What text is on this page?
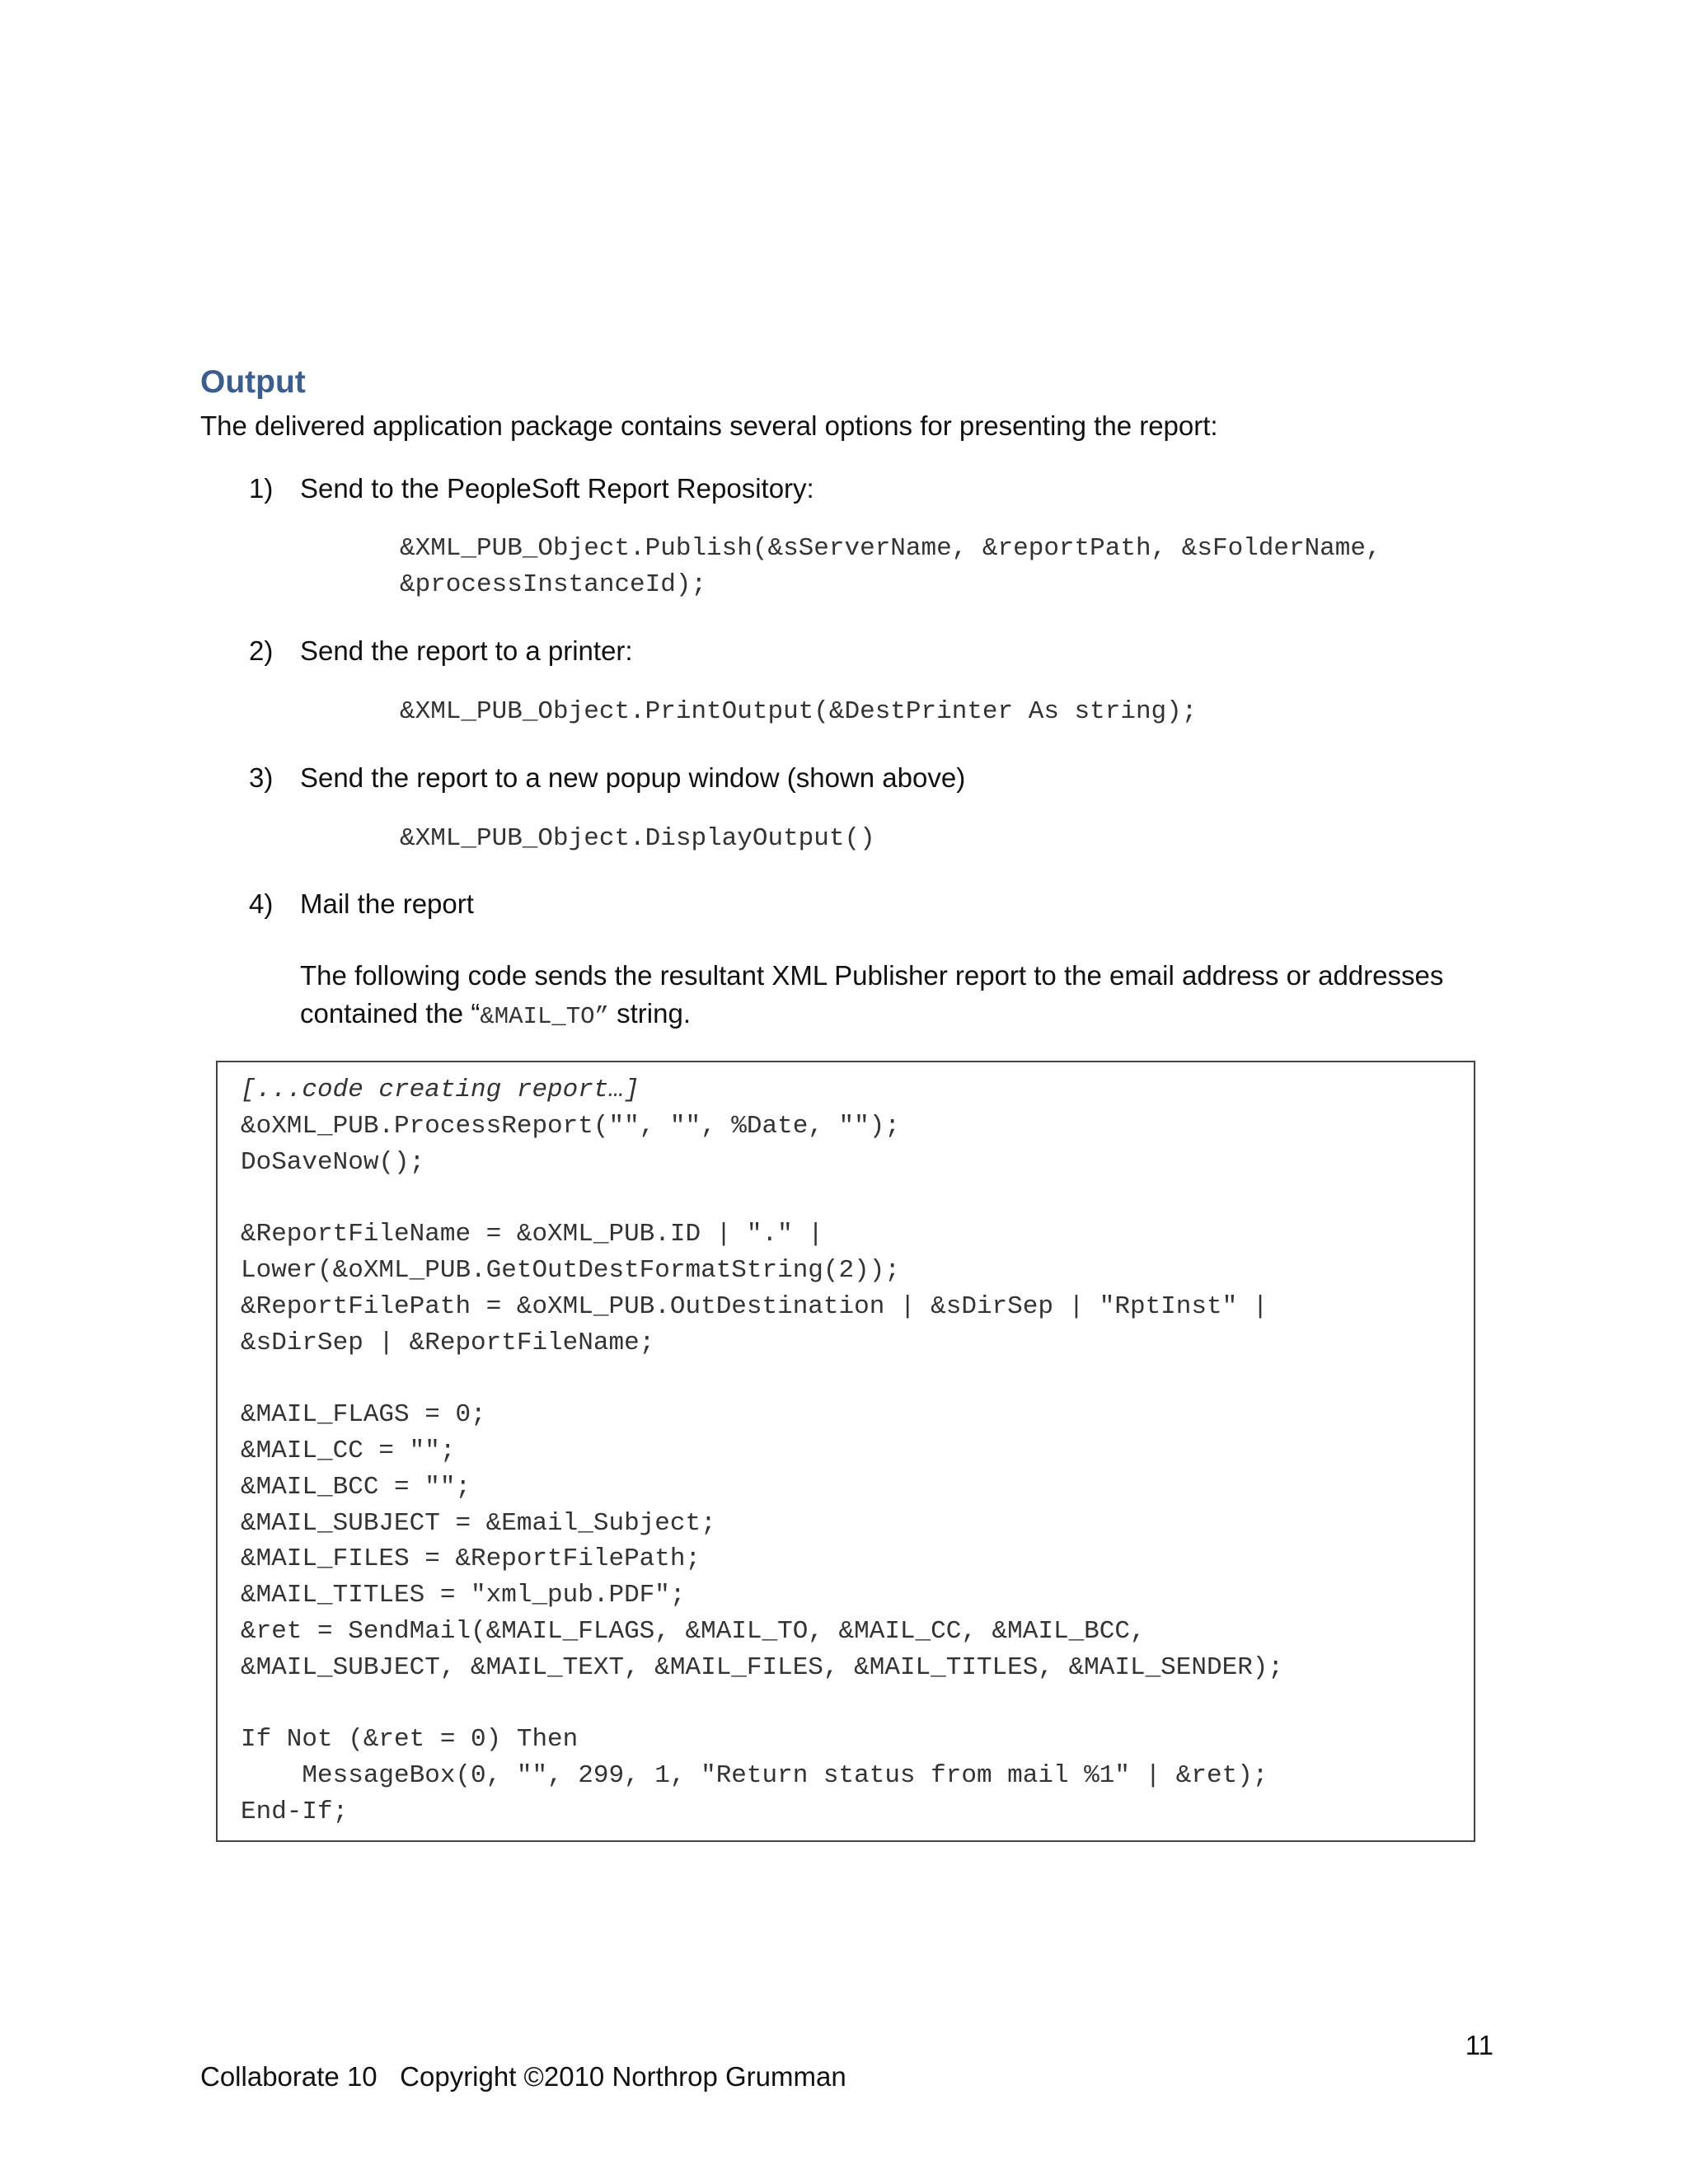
Output

The delivered application package contains several options for presenting the report:

1) Send to the PeopleSoft Report Repository:
&XML_PUB_Object.Publish(&sServerName, &reportPath, &sFolderName,
&processInstanceId);
2) Send the report to a printer:
&XML_PUB_Object.PrintOutput(&DestPrinter As string);
3) Send the report to a new popup window (shown above)
&XML_PUB_Object.DisplayOutput()
4) Mail the report
The following code sends the resultant XML Publisher report to the email address or addresses contained the “&MAIL_TO” string.
[...code creating report…]
&oXML_PUB.ProcessReport("", "", %Date, "");
DoSaveNow();
&ReportFileName = &oXML_PUB.ID | "." |
Lower(&oXML_PUB.GetOutDestFormatString(2));
&ReportFilePath = &oXML_PUB.OutDestination | &sDirSep | "RptInst" |
&sDirSep | &ReportFileName;
&MAIL_FLAGS = 0;
&MAIL_CC = "";
&MAIL_BCC = "";
&MAIL_SUBJECT = &Email_Subject;
&MAIL_FILES = &ReportFilePath;
&MAIL_TITLES = "xml_pub.PDF";
&ret = SendMail(&MAIL_FLAGS, &MAIL_TO, &MAIL_CC, &MAIL_BCC,
&MAIL_SUBJECT, &MAIL_TEXT, &MAIL_FILES, &MAIL_TITLES, &MAIL_SENDER);
If Not (&ret = 0) Then
MessageBox(0, "", 299, 1, "Return status from mail %1" | &ret);
End-If;
11
Collaborate 10   Copyright ©2010 Northrop Grumman
